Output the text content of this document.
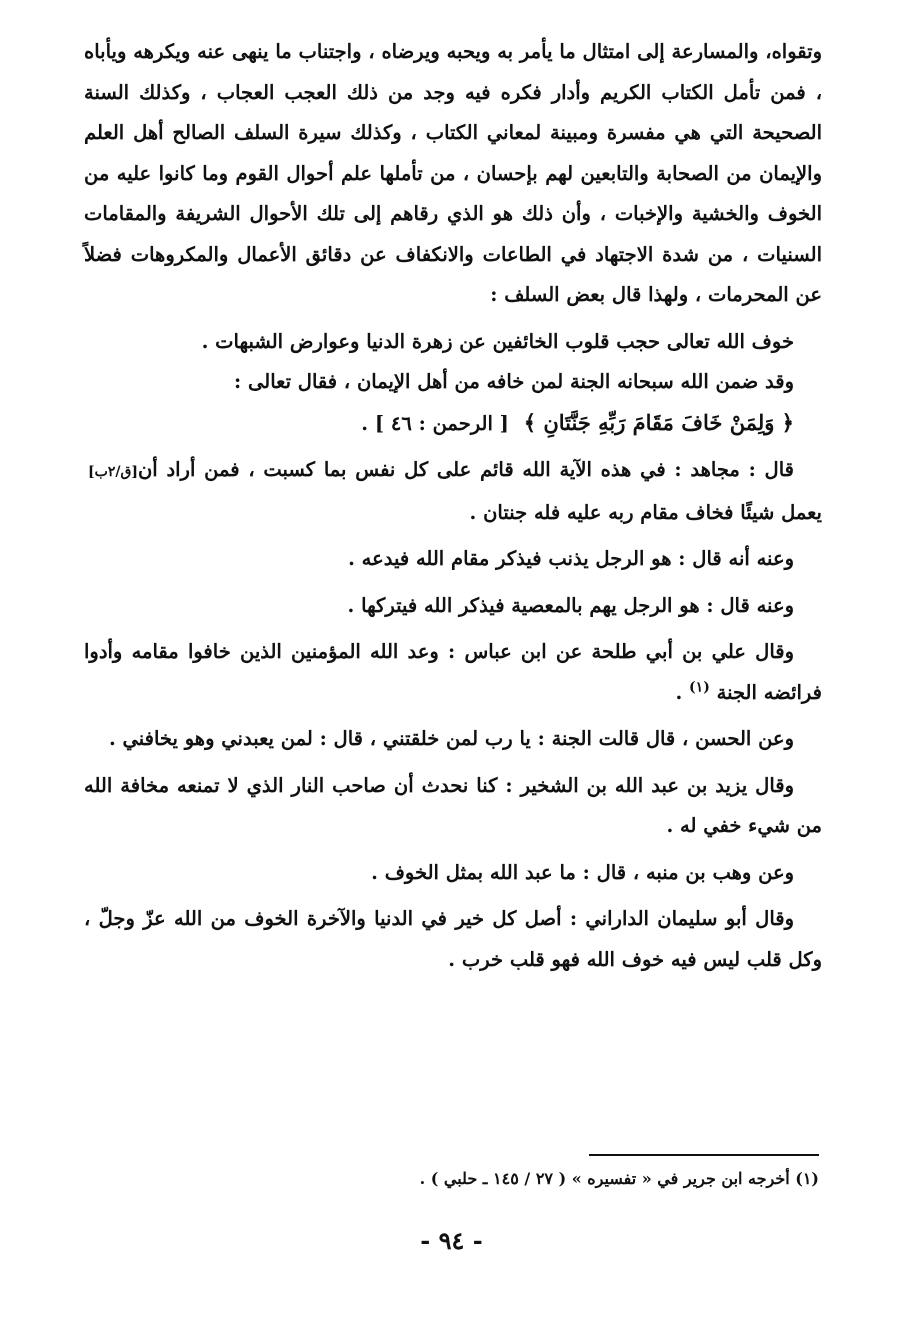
وتقواه، والمسارعة إلى امتثال ما يأمر به ويحبه ويرضاه ، واجتناب ما ينهى عنه ويكرهه ويأباه ، فمن تأمل الكتاب الكريم وأدار فكره فيه وجد من ذلك العجب العجاب ، وكذلك السنة الصحيحة التي هي مفسرة ومبينة لمعاني الكتاب ، وكذلك سيرة السلف الصالح أهل العلم والإيمان من الصحابة والتابعين لهم بإحسان ، من تأملها علم أحوال القوم وما كانوا عليه من الخوف والخشية والإخبات ، وأن ذلك هو الذي رقاهم إلى تلك الأحوال الشريفة والمقامات السنيات ، من شدة الاجتهاد في الطاعات والانكفاف عن دقائق الأعمال والمكروهات فضلاً عن المحرمات ، ولهذا قال بعض السلف :

خوف الله تعالى حجب قلوب الخائفين عن زهرة الدنيا وعوارض الشبهات .

وقد ضمن الله سبحانه الجنة لمن خافه من أهل الإيمان ، فقال تعالى :

﴿ وَلِمَنْ خَافَ مَقَامَ رَبِّهِ جَنَّتَانِ ﴾ [ الرحمن : ٤٦ ] .

قال : مجاهد : في هذه الآية الله قائم على كل نفس بما كسبت ، فمن أراد أن[ق/٢ب] يعمل شيئًا فخاف مقام ربه عليه فله جنتان .

وعنه أنه قال : هو الرجل يذنب فيذكر مقام الله فيدعه .

وعنه قال : هو الرجل يهم بالمعصية فيذكر الله فيتركها .

وقال علي بن أبي طلحة عن ابن عباس : وعد الله المؤمنين الذين خافوا مقامه وأدوا فرائضه الجنة $^{(١)}$ .

وعن الحسن ، قال قالت الجنة : يا رب لمن خلقتني ، قال : لمن يعبدني وهو يخافني .

وقال يزيد بن عبد الله بن الشخير : كنا نحدث أن صاحب النار الذي لا تمنعه مخافة الله من شيء خفي له .

وعن وهب بن منبه ، قال : ما عبد الله بمثل الخوف .

وقال أبو سليمان الداراني : أصل كل خير في الدنيا والآخرة الخوف من الله عزّ وجلّ ، وكل قلب ليس فيه خوف الله فهو قلب خرب .

(١) أخرجه ابن جرير في « تفسيره » ( ٢٧ / ١٤٥ ـ حلبي ) .
- ٩٤ -
